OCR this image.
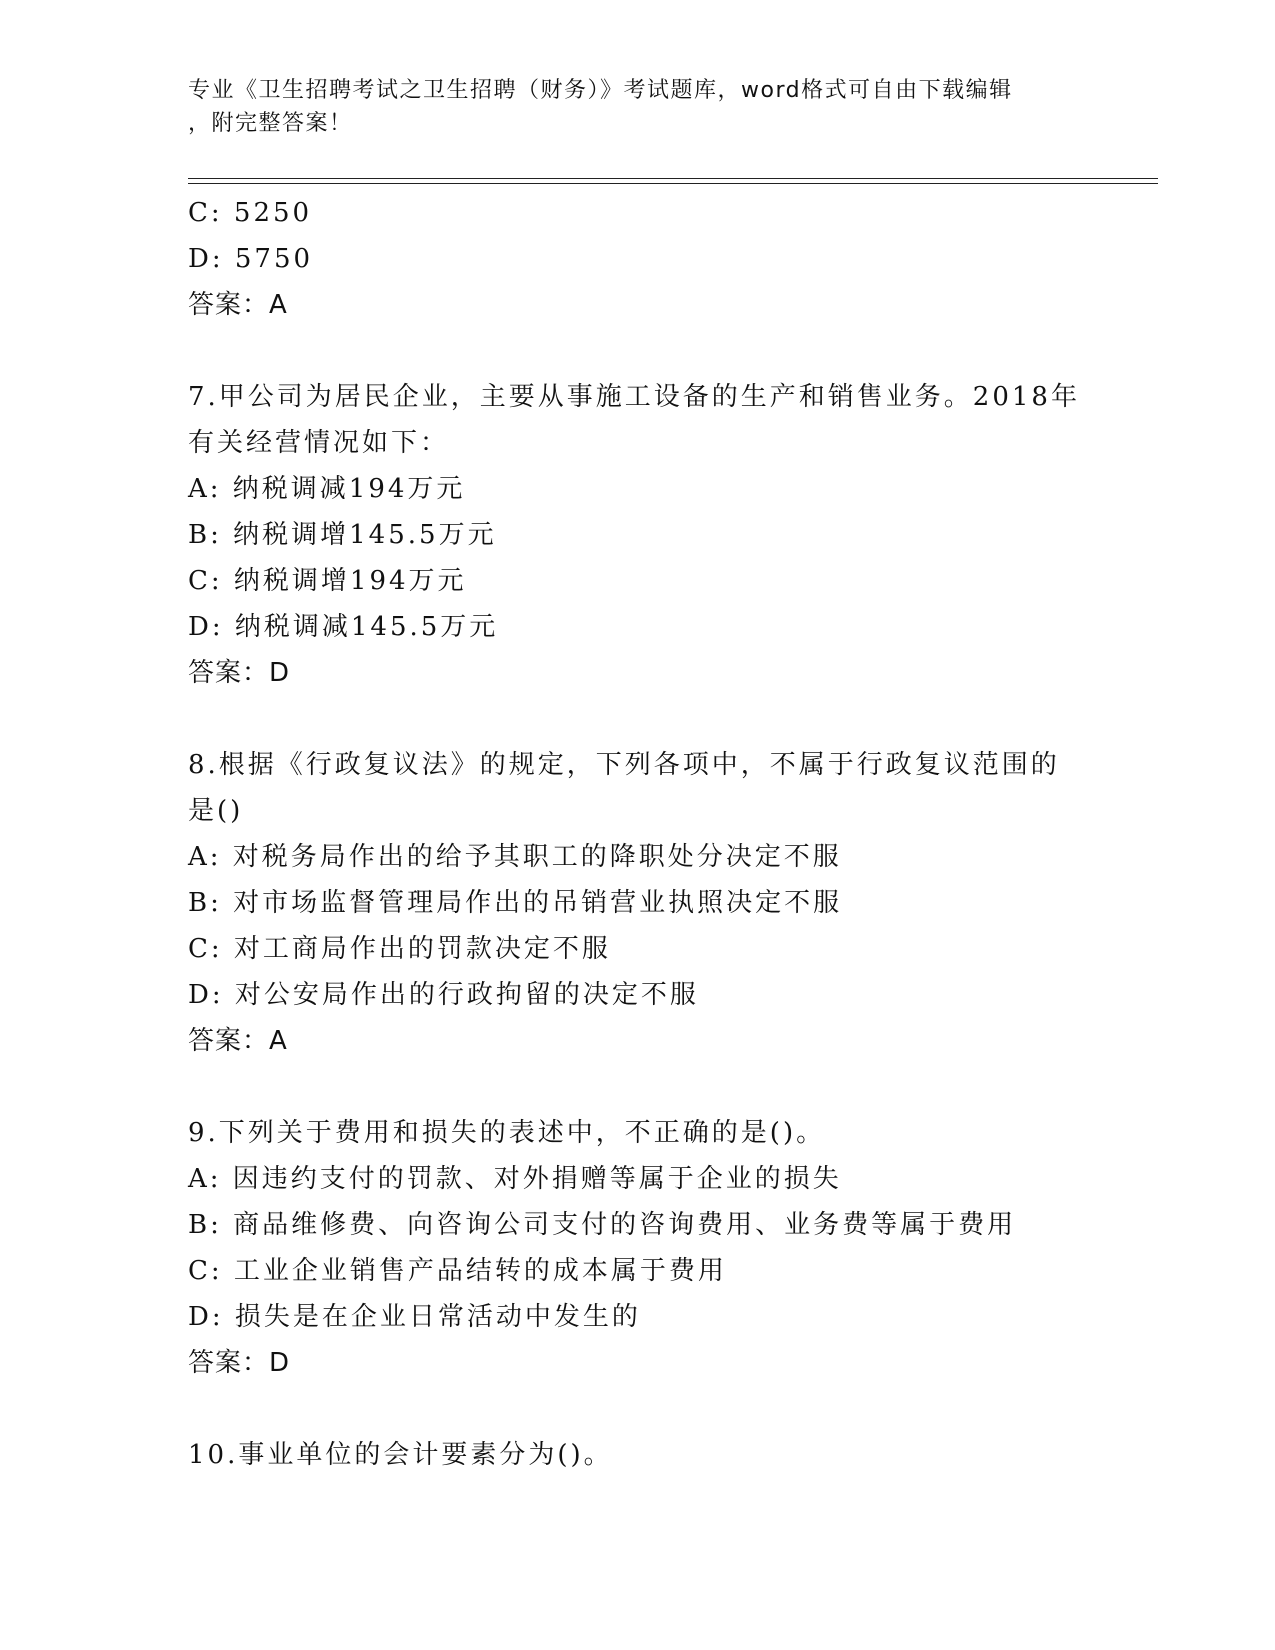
专业《卫生招聘考试之卫生招聘（财务）》考试题库，word格式可自由下载编辑
，附完整答案！
C: 5250
D: 5750
答案：A
7.甲公司为居民企业，主要从事施工设备的生产和销售业务。2018年
有关经营情况如下：
A: 纳税调减194万元
B: 纳税调增145.5万元
C: 纳税调增194万元
D: 纳税调减145.5万元
答案：D
8.根据《行政复议法》的规定，下列各项中，不属于行政复议范围的
是()
A: 对税务局作出的给予其职工的降职处分决定不服
B: 对市场监督管理局作出的吊销营业执照决定不服
C: 对工商局作出的罚款决定不服
D: 对公安局作出的行政拘留的决定不服
答案：A
9.下列关于费用和损失的表述中，不正确的是()。
A: 因违约支付的罚款、对外捐赠等属于企业的损失
B: 商品维修费、向咨询公司支付的咨询费用、业务费等属于费用
C: 工业企业销售产品结转的成本属于费用
D: 损失是在企业日常活动中发生的
答案：D
10.事业单位的会计要素分为()。
